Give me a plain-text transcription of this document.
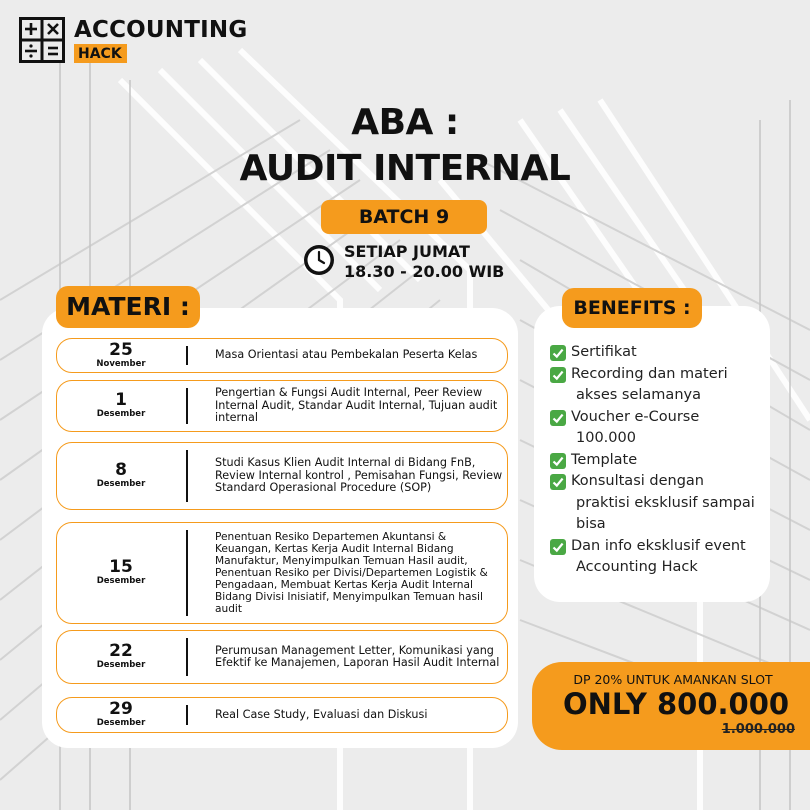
ACCOUNTING
HACK
ABA :
AUDIT INTERNAL
BATCH 9
SETIAP JUMAT
18.30 - 20.00 WIB
MATERI :
25
November
Masa Orientasi atau Pembekalan Peserta Kelas
1
Desember
Pengertian & Fungsi Audit Internal, Peer Review Internal Audit, Standar Audit Internal, Tujuan audit internal
8
Desember
Studi Kasus Klien Audit Internal di Bidang FnB, Review Internal kontrol , Pemisahan Fungsi, Review Standard Operasional Procedure (SOP)
15
Desember
Penentuan Resiko Departemen Akuntansi & Keuangan, Kertas Kerja Audit Internal Bidang Manufaktur, Menyimpulkan Temuan Hasil audit, Penentuan Resiko per Divisi/Departemen Logistik & Pengadaan, Membuat Kertas Kerja Audit Internal Bidang Divisi Inisiatif, Menyimpulkan Temuan hasil audit
22
Desember
Perumusan Management Letter, Komunikasi yang Efektif ke Manajemen, Laporan Hasil Audit Internal
29
Desember
Real Case Study, Evaluasi dan Diskusi
BENEFITS :
Sertifikat
Recording dan materi
akses selamanya
Voucher e-Course
100.000
Template
Konsultasi dengan
praktisi eksklusif sampai
bisa
Dan info eksklusif event
Accounting Hack
DP 20% UNTUK AMANKAN SLOT
ONLY 800.000
1.000.000
